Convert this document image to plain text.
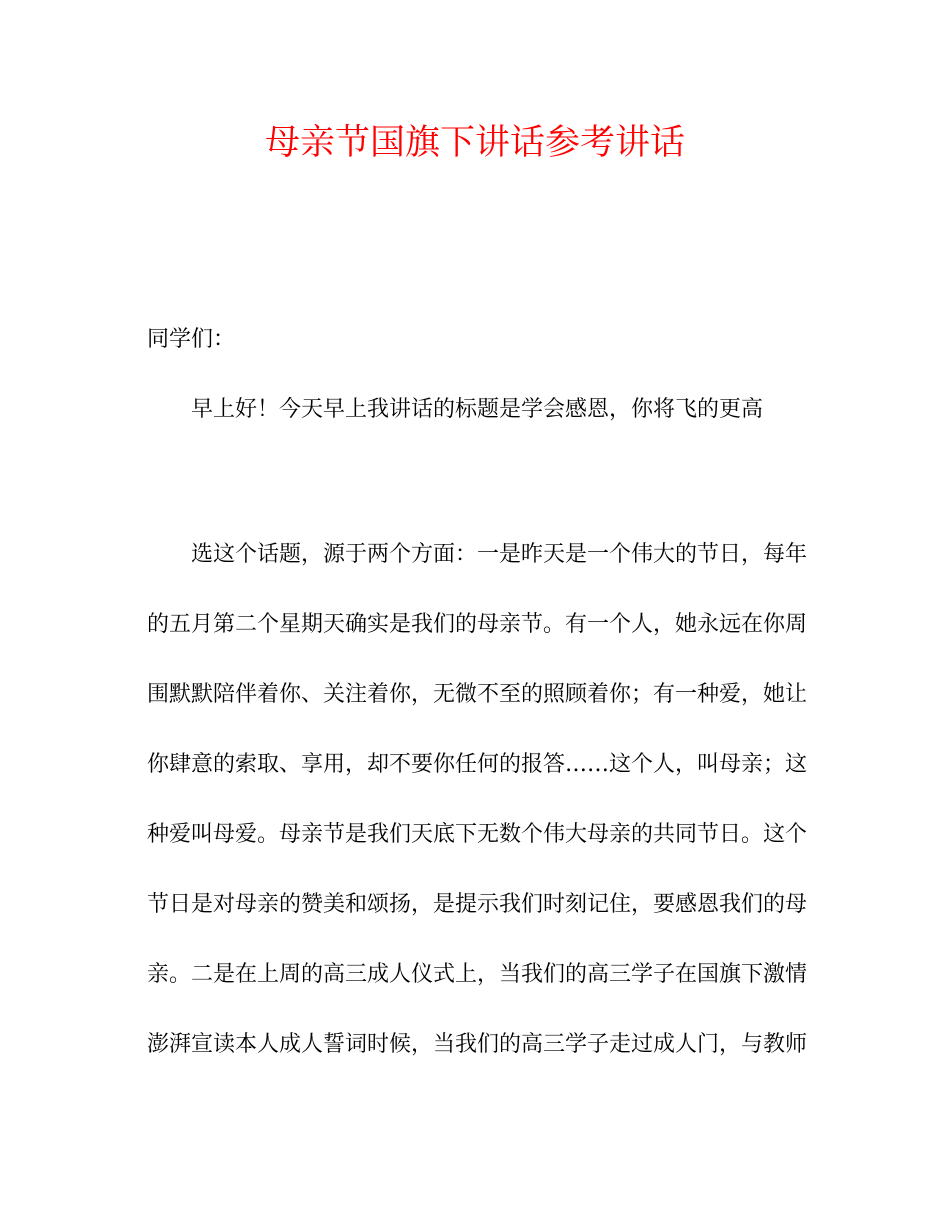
母亲节国旗下讲话参考讲话

同学们：

早上好！今天早上我讲话的标题是学会感恩，你将飞的更高

选这个话题，源于两个方面：一是昨天是一个伟大的节日，每年
的五月第二个星期天确实是我们的母亲节。有一个人，她永远在你周
围默默陪伴着你、关注着你，无微不至的照顾着你；有一种爱，她让
你肆意的索取、享用，却不要你任何的报答……这个人，叫母亲；这
种爱叫母爱。母亲节是我们天底下无数个伟大母亲的共同节日。这个
节日是对母亲的赞美和颂扬，是提示我们时刻记住，要感恩我们的母
亲。二是在上周的高三成人仪式上，当我们的高三学子在国旗下激情
澎湃宣读本人成人誓词时候，当我们的高三学子走过成人门，与教师
